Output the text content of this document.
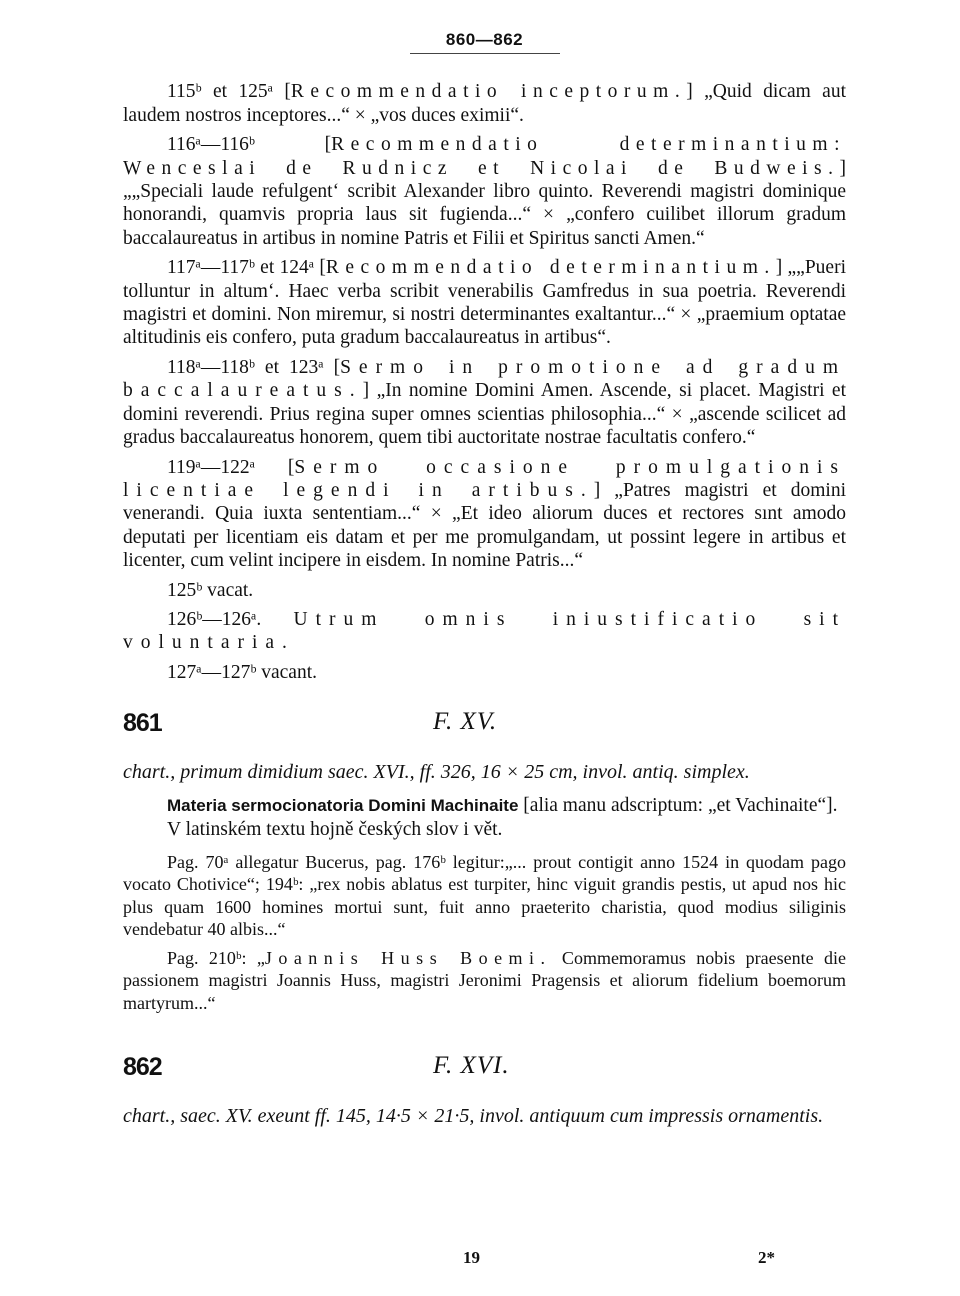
860—862

115ᵇ et 125ᵃ [Recommendatio inceptorum.] „Quid dicam aut laudem nostros inceptores...“ × „vos duces eximii“.

116ᵃ—116ᵇ [Recommendatio determinantium: Wenceslai de Rudnicz et Nicolai de Budweis.] „„Speciali laude refulgent‘ scribit Alexander libro quinto. Reverendi magistri dominique honorandi, quamvis propria laus sit fugienda...“ × „confero cuilibet illorum gradum baccalaureatus in artibus in nomine Patris et Filii et Spiritus sancti Amen.“

117ᵃ—117ᵇ et 124ᵃ [Recommendatio determinantium.] „„Pueri tolluntur in altum‘. Haec verba scribit venerabilis Gamfredus in sua poetria. Reverendi magistri et domini. Non miremur, si nostri determinantes exaltantur...“ × „praemium optatae altitudinis eis confero, puta gradum baccalaureatus in artibus“.

118ᵃ—118ᵇ et 123ᵃ [Sermo in promotione ad gradum baccalaureatus.] „In nomine Domini Amen. Ascende, si placet. Magistri et domini reverendi. Prius regina super omnes scientias philosophia...“ × „ascende scilicet ad gradus baccalaureatus honorem, quem tibi auctoritate nostrae facultatis confero.“

119ᵃ—122ᵃ [Sermo occasione promulgationis licentiae legendi in artibus.] „Patres magistri et domini venerandi. Quia iuxta sententiam...“ × „Et ideo aliorum duces et rectores sınt amodo deputati per licentiam eis datam et per me promulgandam, ut possint legere in artibus et licenter, cum velint incipere in eisdem. In nomine Patris...“

125ᵇ vacat.

126ᵇ—126ᵃ. Utrum omnis iniustificatio sit voluntaria.

127ᵃ—127ᵇ vacant.

861	F. XV.

chart., primum dimidium saec. XVI., ff. 326, 16 × 25 cm, invol. antiq. simplex.

Materia sermocionatoria Domini Machinaite [alia manu adscriptum: „et Vachinaite“].

V latinském textu hojně českých slov i vět.

Pag. 70ᵃ allegatur Bucerus, pag. 176ᵇ legitur:„... prout contigit anno 1524 in quodam pago vocato Chotivice“; 194ᵇ: „rex nobis ablatus est turpiter, hinc viguit grandis pestis, ut apud nos hic plus quam 1600 homines mortui sunt, fuit anno praeterito charistia, quod modius siliginis vendebatur 40 albis...“

Pag. 210ᵇ: „Joannis Huss Boemi. Commemoramus nobis praesente die passionem magistri Joannis Huss, magistri Jeronimi Pragensis et aliorum fidelium boemorum martyrum...“

862	F. XVI.

chart., saec. XV. exeunt ff. 145, 14·5 × 21·5, invol. antiquum cum impressis ornamentis.

19	2*
